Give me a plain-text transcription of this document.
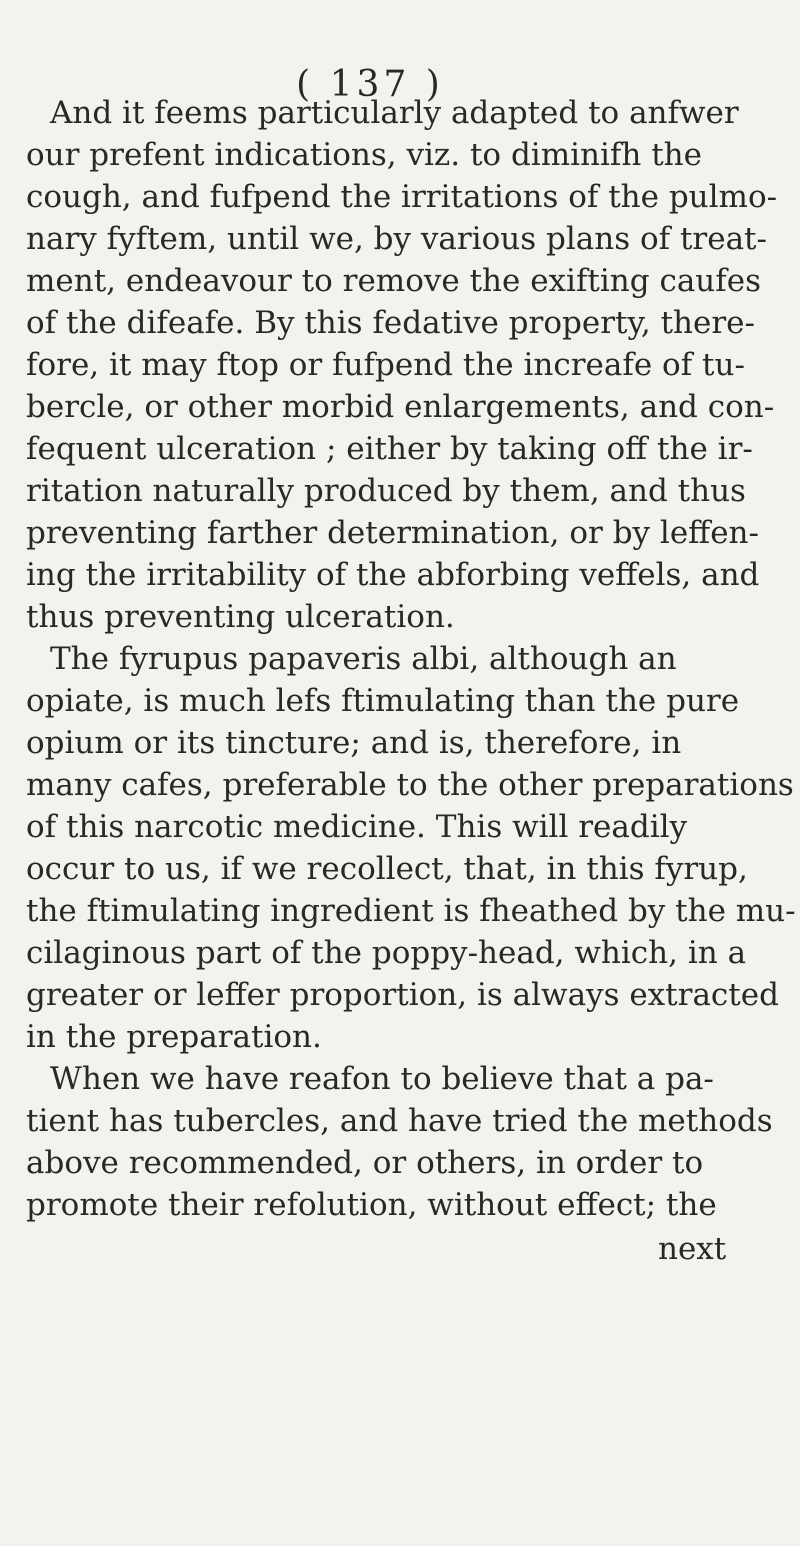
( 137 )
And it feems particularly adapted to anfwer
our prefent indications, viz. to diminifh the
cough, and fufpend the irritations of the pulmo-
nary fyftem, until we, by various plans of treat-
ment, endeavour to remove the exifting caufes
of the difeafe. By this fedative property, there-
fore, it may ftop or fufpend the increafe of tu-
bercle, or other morbid enlargements, and con-
fequent ulceration ; either by taking off the ir-
ritation naturally produced by them, and thus
preventing farther determination, or by leffen-
ing the irritability of the abforbing veffels, and
thus preventing ulceration.
The fyrupus papaveris albi, although an
opiate, is much lefs ftimulating than the pure
opium or its tincture; and is, therefore, in
many cafes, preferable to the other preparations
of this narcotic medicine. This will readily
occur to us, if we recollect, that, in this fyrup,
the ftimulating ingredient is fheathed by the mu-
cilaginous part of the poppy-head, which, in a
greater or leffer proportion, is always extracted
in the preparation.
When we have reafon to believe that a pa-
tient has tubercles, and have tried the methods
above recommended, or others, in order to
promote their refolution, without effect; the
next
